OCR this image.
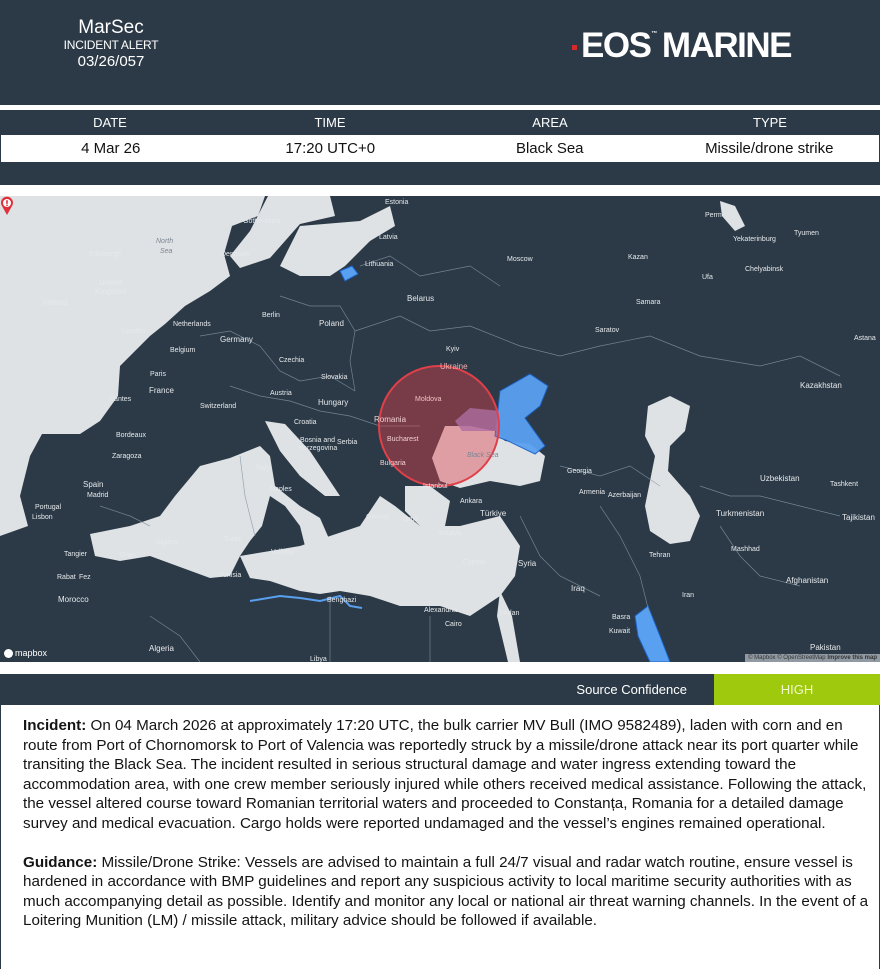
MarSec
INCIDENT ALERT
03/26/057	EOS™ MARINE
DATE	TIME	AREA	TYPE
4 Mar 26	17:20 UTC+0	Black Sea	Missile/drone strike
Estonia
Latvia
Lithuania
Belarus
Moscow
Poland
Kyiv
Ukraine
Perm
Yekaterinburg
Tyumen
Kazan
Ufa
Chelyabinsk
Samara
Saratov
Astana
Kazakhstan
North
Sea
Gothenburg
Denmark
Edinburgh
United
Kingdom
Ireland
London
Netherlands
Berlin
Germany
Belgium
Czechia
Paris	Slovakia
France	Austria
Nantes
Switzerland	Hungary	Moldova
Romania
Croatia
Bordeaux
Bosnia and
Herzegovina
Serbia	Bucharest
Black Sea
Bulgaria
Italy	Georgia
Armenia Azerbaijan
Uzbekistan
Tashkent
Turkmenistan	Tajikistan
Zaragoza
Spain
Madrid
Portugal
Lisbon
Naples	Istanbul
Ankara
Türkiye
Greece Izmir
Antalya
Tunis
Algiers
Tangier	Oran	Valletta
Cyprus	Syria
Tehran
Mashhad
Rabat Fez	Tunisia
Iraq
Afghanistan
Morocco	Iran
Benghazi
Alexandria	Jordan
Basra
Cairo
Kuwait
Algeria	Pakistan
Libya
mapbox	© Mapbox © OpenStreetMap Improve this map
Source Confidence	HIGH

Incident: On 04 March 2026 at approximately 17:20 UTC, the bulk carrier MV Bull (IMO 9582489), laden with corn and en route from Port of Chornomorsk to Port of Valencia was reportedly struck by a missile/drone attack near its port quarter while transiting the Black Sea. The incident resulted in serious structural damage and water ingress extending toward the accommodation area, with one crew member seriously injured while others received medical assistance. Following the attack, the vessel altered course toward Romanian territorial waters and proceeded to Constanța, Romania for a detailed damage survey and medical evacuation. Cargo holds were reported undamaged and the vessel’s engines remained operational.

Guidance: Missile/Drone Strike: Vessels are advised to maintain a full 24/7 visual and radar watch routine, ensure vessel is hardened in accordance with BMP guidelines and report any suspicious activity to local maritime security authorities with as much accompanying detail as possible. Identify and monitor any local or national air threat warning channels. In the event of a Loitering Munition (LM) / missile attack, military advice should be followed if available.
